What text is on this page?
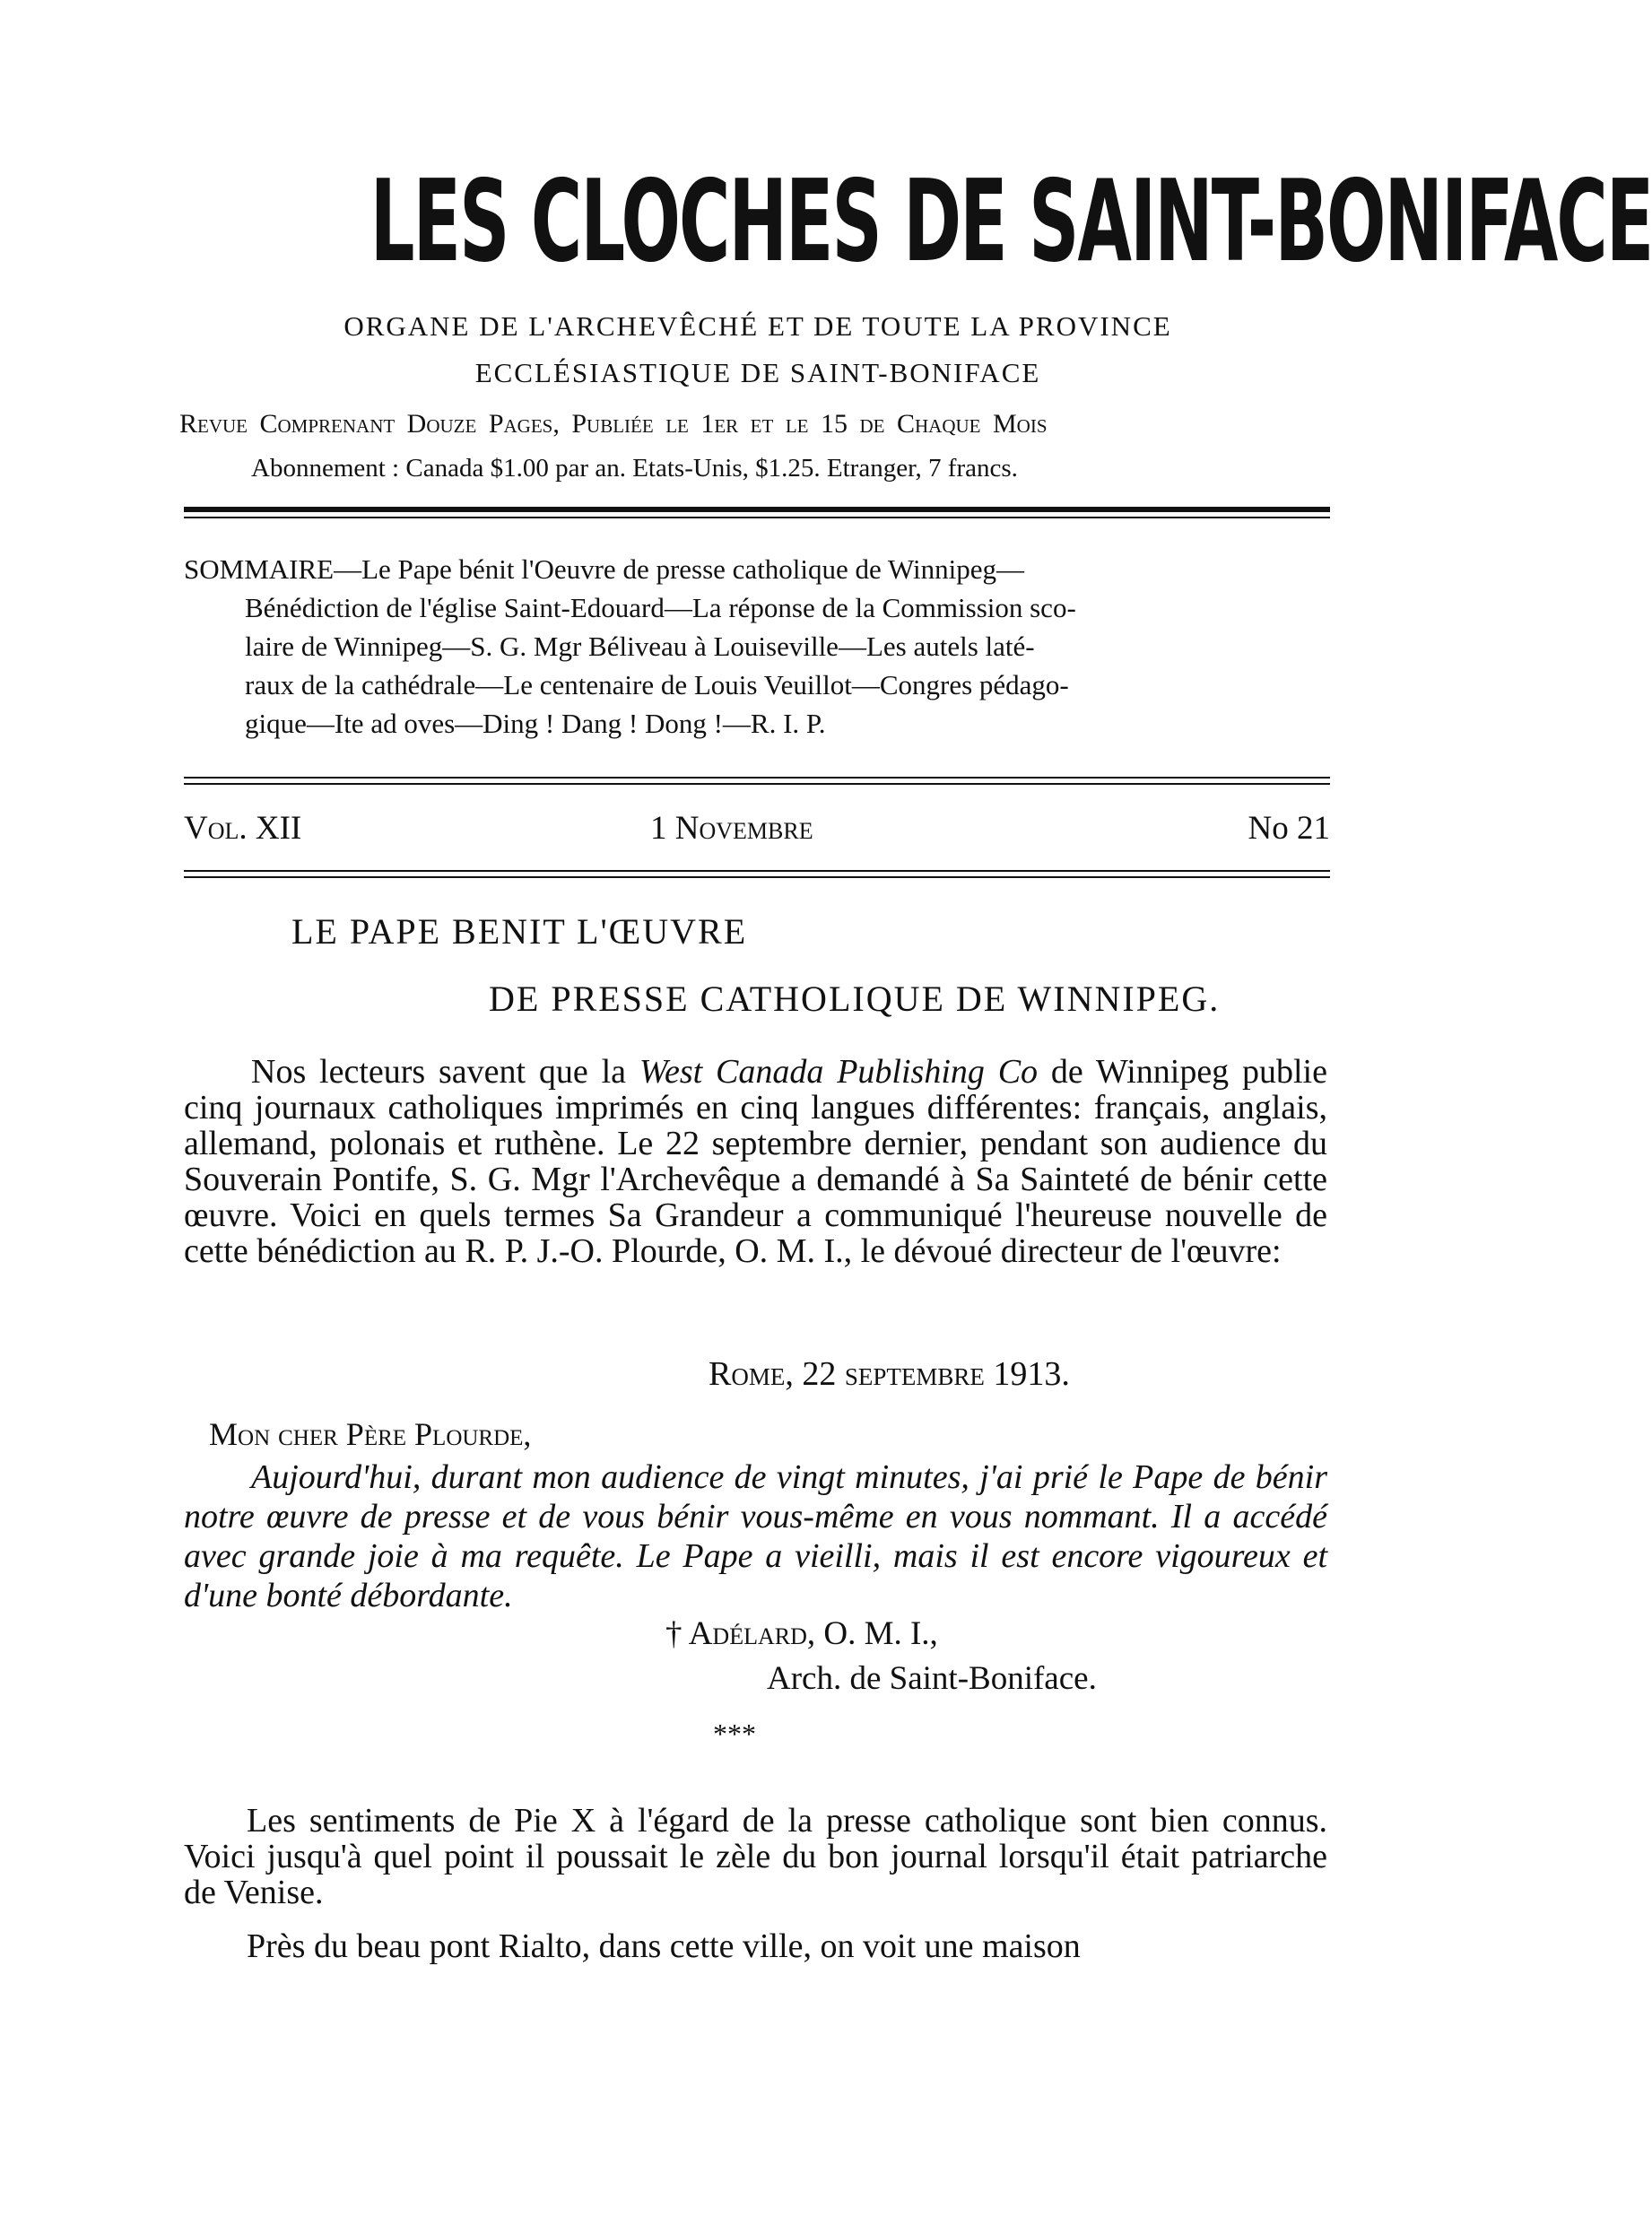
LES CLOCHES DE SAINT-BONIFACE
ORGANE DE L'ARCHEVÊCHÉ ET DE TOUTE LA PROVINCE
ECCLÉSIASTIQUE DE SAINT-BONIFACE
Revue Comprenant Douze Pages, Publiée le 1er et le 15 de Chaque Mois
Abonnement : Canada $1.00 par an. Etats-Unis, $1.25. Etranger, 7 francs.
SOMMAIRE—Le Pape bénit l'Oeuvre de presse catholique de Winnipeg—
Bénédiction de l'église Saint-Edouard—La réponse de la Commission sco-
laire de Winnipeg—S. G. Mgr Béliveau à Louiseville—Les autels laté-
raux de la cathédrale—Le centenaire de Louis Veuillot—Congres pédago-
gique—Ite ad oves—Ding ! Dang ! Dong !—R. I. P.
Vol. XII	1 Novembre	No 21
LE PAPE BENIT L'ŒUVRE
DE PRESSE CATHOLIQUE DE WINNIPEG.

Nos lecteurs savent que la West Canada Publishing Co de Winnipeg publie cinq journaux catholiques imprimés en cinq langues différentes: français, anglais, allemand, polonais et ruthène. Le 22 septembre dernier, pendant son audience du Souverain Pontife, S. G. Mgr l'Archevêque a demandé à Sa Sainteté de bénir cette œuvre. Voici en quels termes Sa Grandeur a communiqué l'heureuse nouvelle de cette bénédiction au R. P. J.-O. Plourde, O. M. I., le dévoué directeur de l'œuvre:

Rome, 22 septembre 1913.
Mon cher Père Plourde,
Aujourd'hui, durant mon audience de vingt minutes, j'ai prié le Pape de bénir notre œuvre de presse et de vous bénir vous-même en vous nommant. Il a accédé avec grande joie à ma requête. Le Pape a vieilli, mais il est encore vigoureux et d'une bonté débordante.
† Adélard, O. M. I.,
Arch. de Saint-Boniface.
***
Les sentiments de Pie X à l'égard de la presse catholique sont bien connus. Voici jusqu'à quel point il poussait le zèle du bon journal lorsqu'il était patriarche de Venise.
Près du beau pont Rialto, dans cette ville, on voit une maison
